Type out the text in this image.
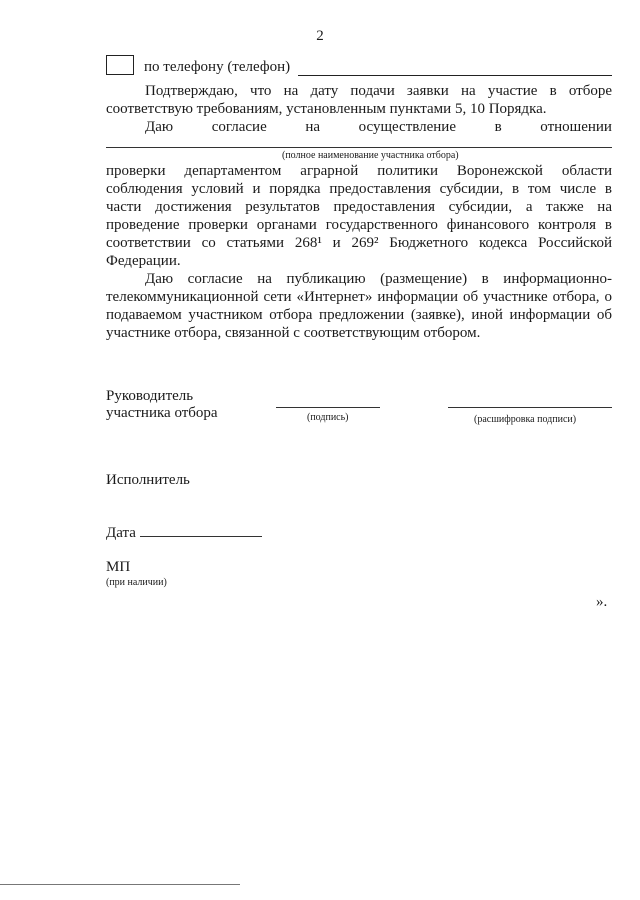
2
по телефону (телефон)
Подтверждаю, что на дату подачи заявки на участие в отборе
соответствую требованиям, установленным пунктами 5, 10 Порядка.
Даю	согласие	на	осуществление	в	отношении
(полное наименование участника отбора)
проверки департаментом аграрной политики Воронежской области
соблюдения условий и порядка предоставления субсидии, в том числе в
части достижения результатов предоставления субсидии, а также на
проведение проверки органами государственного финансового контроля в
соответствии со статьями 268¹ и 269² Бюджетного кодекса Российской
Федерации.
Даю согласие на публикацию (размещение) в информационно-
телекоммуникационной сети «Интернет» информации об участнике отбора, о
подаваемом участником отбора предложении (заявке), иной информации об
участнике отбора, связанной с соответствующим отбором.
Руководитель
участника отбора	(подпись)	(расшифровка подписи)
Исполнитель
Дата
МП
(при наличии)
».
